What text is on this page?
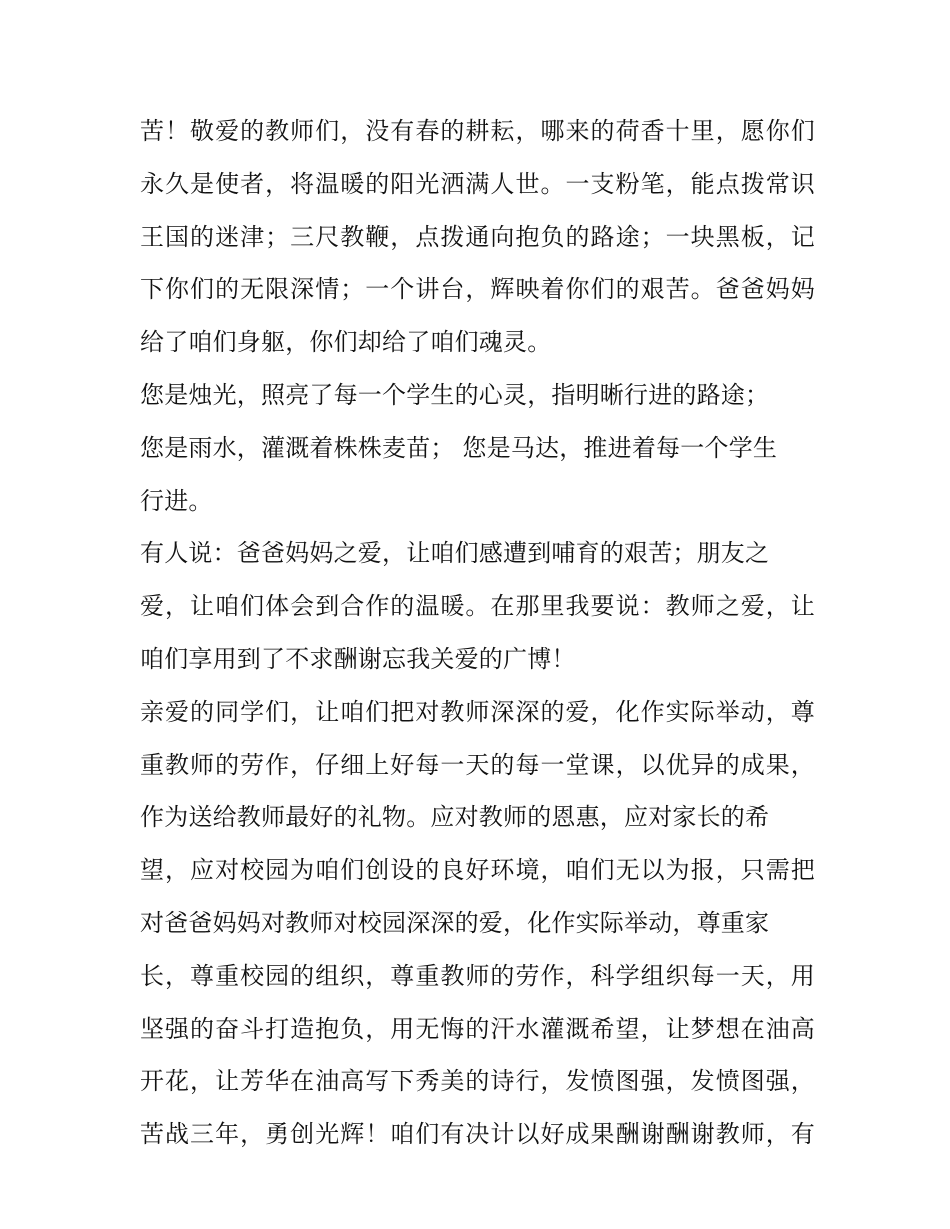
苦！敬爱的教师们，没有春的耕耘，哪来的荷香十里，愿你们
永久是使者，将温暖的阳光洒满人世。一支粉笔，能点拨常识
王国的迷津；三尺教鞭，点拨通向抱负的路途；一块黑板，记
下你们的无限深情；一个讲台，辉映着你们的艰苦。爸爸妈妈
给了咱们身躯，你们却给了咱们魂灵。
您是烛光，照亮了每一个学生的心灵，指明晰行进的路途；
您是雨水，灌溉着株株麦苗； 您是马达，推进着每一个学生
行进。
有人说：爸爸妈妈之爱，让咱们感遭到哺育的艰苦；朋友之
爱，让咱们体会到合作的温暖。在那里我要说：教师之爱，让
咱们享用到了不求酬谢忘我关爱的广博！
亲爱的同学们，让咱们把对教师深深的爱，化作实际举动，尊
重教师的劳作，仔细上好每一天的每一堂课，以优异的成果，
作为送给教师最好的礼物。应对教师的恩惠，应对家长的希
望，应对校园为咱们创设的良好环境，咱们无以为报，只需把
对爸爸妈妈对教师对校园深深的爱，化作实际举动，尊重家
长，尊重校园的组织，尊重教师的劳作，科学组织每一天，用
坚强的奋斗打造抱负，用无悔的汗水灌溉希望，让梦想在油高
开花，让芳华在油高写下秀美的诗行，发愤图强，发愤图强，
苦战三年，勇创光辉！咱们有决计以好成果酬谢酬谢教师，有
